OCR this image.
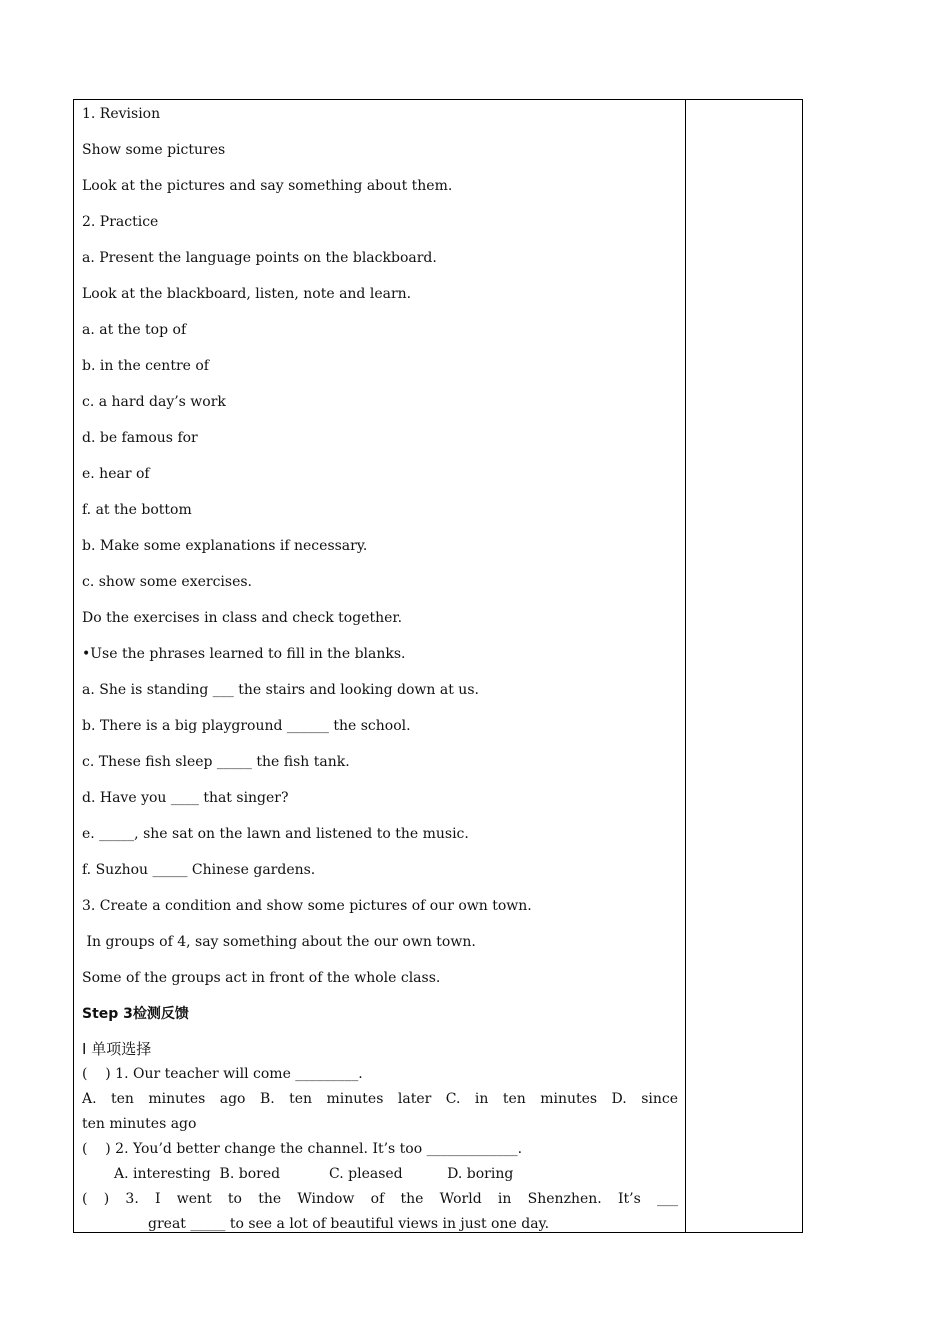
1. Revision
Show some pictures
Look at the pictures and say something about them.
2. Practice
a. Present the language points on the blackboard.
Look at the blackboard, listen, note and learn.
a. at the top of
b. in the centre of
c. a hard day’s work
d. be famous for
e. hear of
f. at the bottom
b. Make some explanations if necessary.
c. show some exercises.
Do the exercises in class and check together.
•Use the phrases learned to fill in the blanks.
a. She is standing ___ the stairs and looking down at us.
b. There is a big playground ______ the school.
c. These fish sleep _____ the fish tank.
d. Have you ____ that singer?
e. _____, she sat on the lawn and listened to the music.
f. Suzhou _____ Chinese gardens.
3. Create a condition and show some pictures of our own town.
In groups of 4, say something about the our own town.
Some of the groups act in front of the whole class.
Step 3检测反馈
Ⅰ 单项选择
(    ) 1. Our teacher will come _________.
A. ten minutes ago B. ten minutes later C. in ten minutes D. since
ten minutes ago
(    ) 2. You’d better change the channel. It’s too _____________.
A. interesting  B. bored           C. pleased          D. boring
( ) 3. I went to the Window of the World in Shenzhen. It’s ___
great _____ to see a lot of beautiful views in just one day.
